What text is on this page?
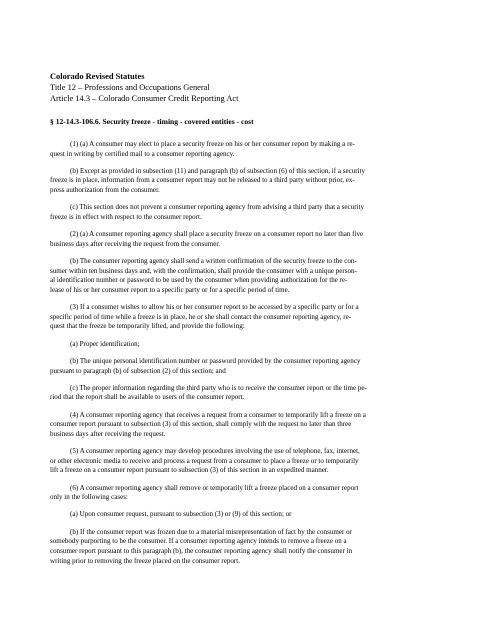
Colorado Revised Statutes
Title 12 – Professions and Occupations General
Article 14.3 – Colorado Consumer Credit Reporting Act
§ 12-14.3-106.6. Security freeze - timing - covered entities - cost
(1) (a) A consumer may elect to place a security freeze on his or her consumer report by making a re-
quest in writing by certified mail to a consumer reporting agency.
(b) Except as provided in subsection (11) and paragraph (b) of subsection (6) of this section, if a security
freeze is in place, information from a consumer report may not be released to a third party without prior, ex-
press authorization from the consumer.
(c) This section does not prevent a consumer reporting agency from advising a third party that a security
freeze is in effect with respect to the consumer report.
(2) (a) A consumer reporting agency shall place a security freeze on a consumer report no later than five
business days after receiving the request from the consumer.
(b) The consumer reporting agency shall send a written confirmation of the security freeze to the con-
sumer within ten business days and, with the confirmation, shall provide the consumer with a unique person-
al identification number or password to be used by the consumer when providing authorization for the re-
lease of his or her consumer report to a specific party or for a specific period of time.
(3) If a consumer wishes to allow his or her consumer report to be accessed by a specific party or for a
specific period of time while a freeze is in place, he or she shall contact the consumer reporting agency, re-
quest that the freeze be temporarily lifted, and provide the following:
(a) Proper identification;
(b) The unique personal identification number or password provided by the consumer reporting agency
pursuant to paragraph (b) of subsection (2) of this section; and
(c) The proper information regarding the third party who is to receive the consumer report or the time pe-
riod that the report shall be available to users of the consumer report.
(4) A consumer reporting agency that receives a request from a consumer to temporarily lift a freeze on a
consumer report pursuant to subsection (3) of this section, shall comply with the request no later than three
business days after receiving the request.
(5) A consumer reporting agency may develop procedures involving the use of telephone, fax, internet,
or other electronic media to receive and process a request from a consumer to place a freeze or to temporarily
lift a freeze on a consumer report pursuant to subsection (3) of this section in an expedited manner.
(6) A consumer reporting agency shall remove or temporarily lift a freeze placed on a consumer report
only in the following cases:
(a) Upon consumer request, pursuant to subsection (3) or (9) of this section; or
(b) If the consumer report was frozen due to a material misrepresentation of fact by the consumer or
somebody purporting to be the consumer. If a consumer reporting agency intends to remove a freeze on a
consumer report pursuant to this paragraph (b), the consumer reporting agency shall notify the consumer in
writing prior to removing the freeze placed on the consumer report.
